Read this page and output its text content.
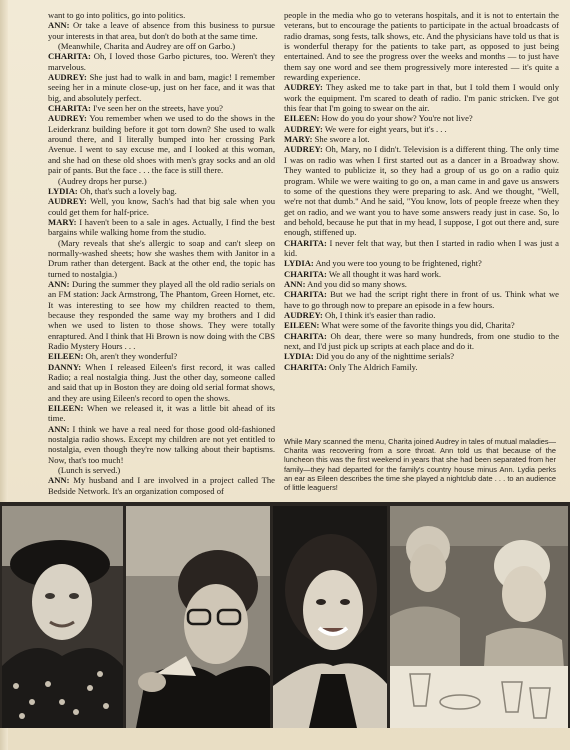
want to go into politics, go into politics.

ANN: Or take a leave of absence from this business to pursue your interests in that area, but don't do both at the same time.

(Meanwhile, Charita and Audrey are off on Garbo.)

CHARITA: Oh, I loved those Garbo pictures, too. Weren't they marvelous.

AUDREY: She just had to walk in and bam, magic! I remember seeing her in a minute close-up, just on her face, and it was that big, and absolutely perfect.

CHARITA: I've seen her on the streets, have you?

AUDREY: You remember when we used to do the shows in the Leiderkranz building before it got torn down? She used to walk around there, and I literally bumped into her crossing Park Avenue. I went to say excuse me, and I looked at this woman, and she had on these old shoes with men's gray socks and an old pair of pants. But the face . . . the face is still there.

(Audrey drops her purse.)

LYDIA: Oh, that's such a lovely bag.

AUDREY: Well, you know, Sach's had that big sale when you could get them for half-price.

MARY: I haven't been to a sale in ages. Actually, I find the best bargains while walking home from the studio.

(Mary reveals that she's allergic to soap and can't sleep on normally-washed sheets; how she washes them with Janitor in a Drum rather than detergent. Back at the other end, the topic has turned to nostalgia.)

ANN: During the summer they played all the old radio serials on an FM station: Jack Armstrong, The Phantom, Green Hornet, etc. It was interesting to see how my children reacted to them, because they responded the same way my brothers and I did when we used to listen to those shows. They were totally enraptured. And I think that Hi Brown is now doing with the CBS Radio Mystery Hours . . .

EILEEN: Oh, aren't they wonderful?

DANNY: When I released Eileen's first record, it was called Radio; a real nostalgia thing. Just the other day, someone called and said that up in Boston they are doing old serial format shows, and they are using Eileen's record to open the shows.

EILEEN: When we released it, it was a little bit ahead of its time.

ANN: I think we have a real need for those good old-fashioned nostalgia radio shows. Except my children are not yet entitled to nostalgia, even though they're now talking about their baptisms. Now, that's too much!

(Lunch is served.)

ANN: My husband and I are involved in a project called The Bedside Network. It's an organization composed of

people in the media who go to veterans hospitals, and it is not to entertain the veterans, but to encourage the patients to participate in the actual broadcasts of radio dramas, song fests, talk shows, etc. And the physicians have told us that is is wonderful therapy for the patients to take part, as opposed to just being entertained. And to see the progress over the weeks and months — to just have them say one word and see them progressively more interested — it's quite a rewarding experience.

AUDREY: They asked me to take part in that, but I told them I would only work the equipment. I'm scared to death of radio. I'm panic stricken. I've got this fear that I'm going to swear on the air.

EILEEN: How do you do your show? You're not live?

AUDREY: We were for eight years, but it's . . .

MARY: She swore a lot.

AUDREY: Oh, Mary, no I didn't. Television is a different thing. The only time I was on radio was when I first started out as a dancer in a Broadway show. They wanted to publicize it, so they had a group of us go on a radio quiz program. While we were waiting to go on, a man came in and gave us answers to some of the questions they were preparing to ask. And we thought, "Well, we're not that dumb." And he said, "You know, lots of people freeze when they get on radio, and we want you to have some answers ready just in case. So, lo and behold, because he put that in my head, I suppose, I got out there and, sure enough, stiffened up.

CHARITA: I never felt that way, but then I started in radio when I was just a kid.

LYDIA: And you were too young to be frightened, right?

CHARITA: We all thought it was hard work.

ANN: And you did so many shows.

CHARITA: But we had the script right there in front of us. Think what we have to go through now to prepare an episode in a few hours.

AUDREY: Oh, I think it's easier than radio.

EILEEN: What were some of the favorite things you did, Charita?

CHARITA: Oh dear, there were so many hundreds, from one studio to the next, and I'd just pick up scripts at each place and do it.

LYDIA: Did you do any of the nighttime serials?

CHARITA: Only The Aldrich Family.

While Mary scanned the menu, Charita joined Audrey in tales of mutual maladies—Charita was recovering from a sore throat. Ann told us that because of the luncheon this was the first weekend in years that she had been separated from her family—they had departed for the family's country house minus Ann. Lydia perks an ear as Eileen describes the time she played a nightclub date . . . to an audience of little leaguers!
